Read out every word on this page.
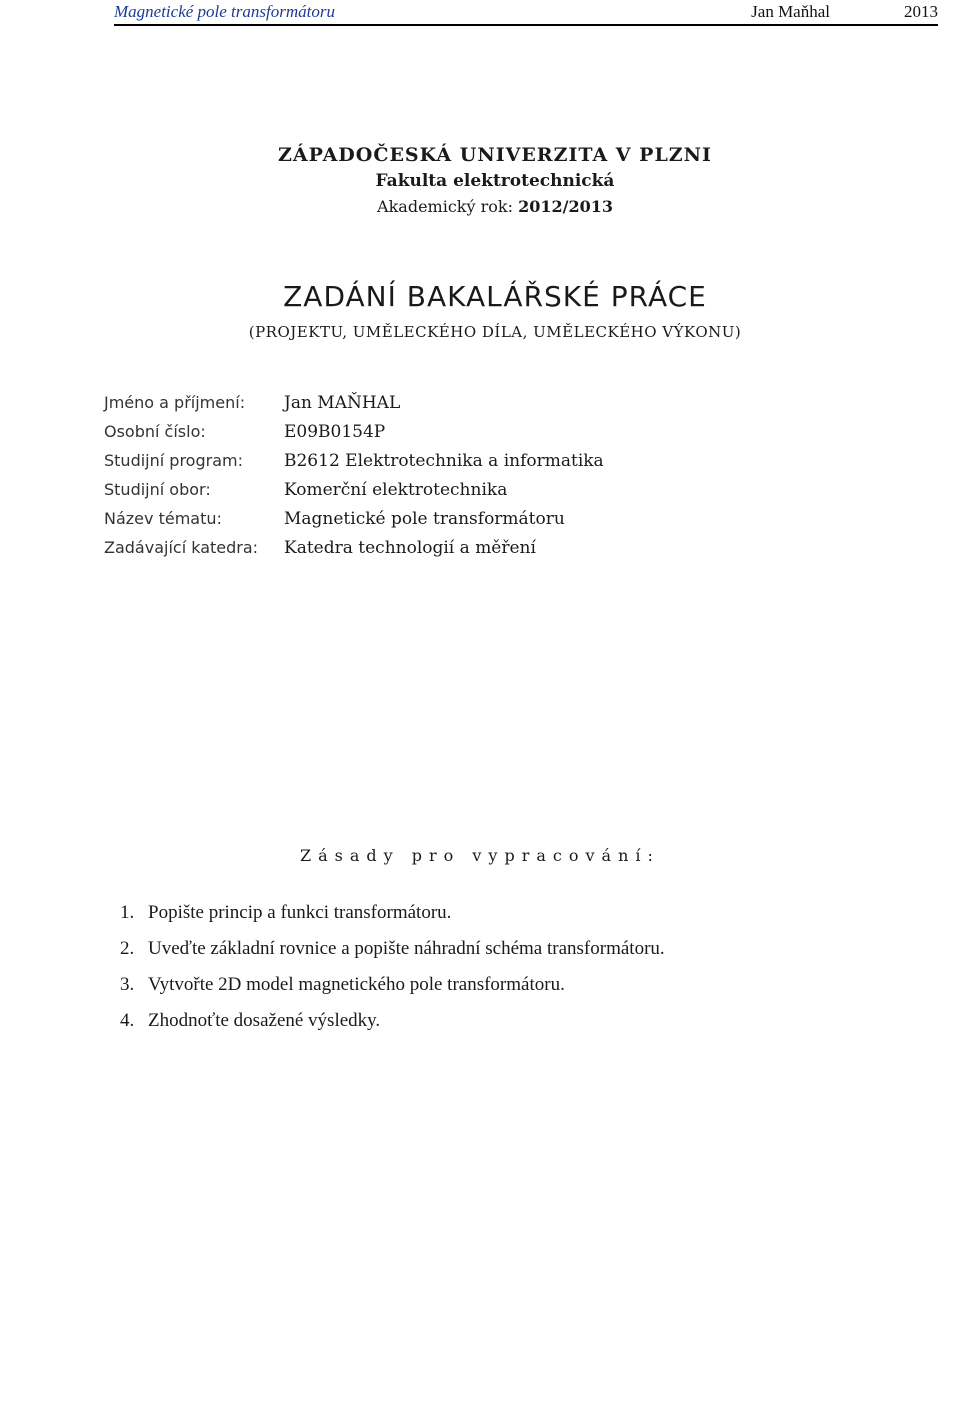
Magnetické pole transformátoru	Jan Maňhal	2013
ZÁPADOČESKÁ UNIVERZITA V PLZNI
Fakulta elektrotechnická
Akademický rok: 2012/2013
ZADÁNÍ BAKALÁŘSKÉ PRÁCE
(PROJEKTU, UMĚLECKÉHO DÍLA, UMĚLECKÉHO VÝKONU)
Jméno a příjmení: Jan MAŇHAL
Osobní číslo:	E09B0154P
Studijní program: B2612 Elektrotechnika a informatika
Studijní obor:	Komerční elektrotechnika
Název tématu:	Magnetické pole transformátoru
Zadávající katedra: Katedra technologií a měření
Zásady pro vypracování:
1. Popište princip a funkci transformátoru.
2. Uveďte základní rovnice a popište náhradní schéma transformátoru.
3. Vytvořte 2D model magnetického pole transformátoru.
4. Zhodnoťte dosažené výsledky.
